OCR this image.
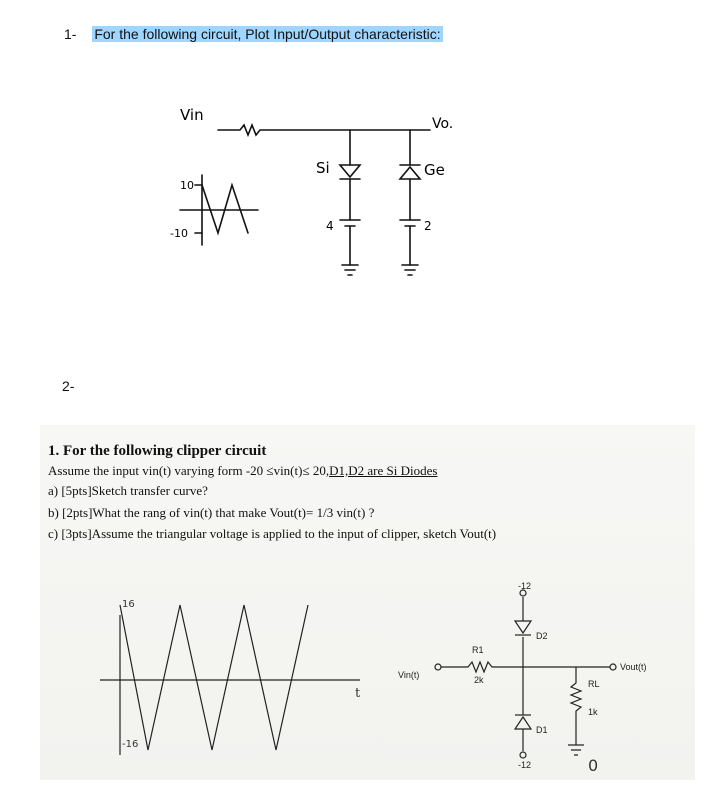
1- For the following circuit, Plot Input/Output characteristic:
Vin	Vo.
Si	Ge
10
-10
4	2
2-
1. For the following clipper circuit
Assume the input vin(t) varying form -20 ≤vin(t)≤ 20,D1,D2 are Si Diodes
a) [5pts]Sketch transfer curve?
b) [2pts]What the rang of vin(t) that make Vout(t)= 1/3 vin(t) ?
c) [3pts]Assume the triangular voltage is applied to the input of clipper, sketch Vout(t)
-12
-12
D2
D1
R1
2k	RL
1k
Vin(t)
Vout(t)
0
t
16
-16
